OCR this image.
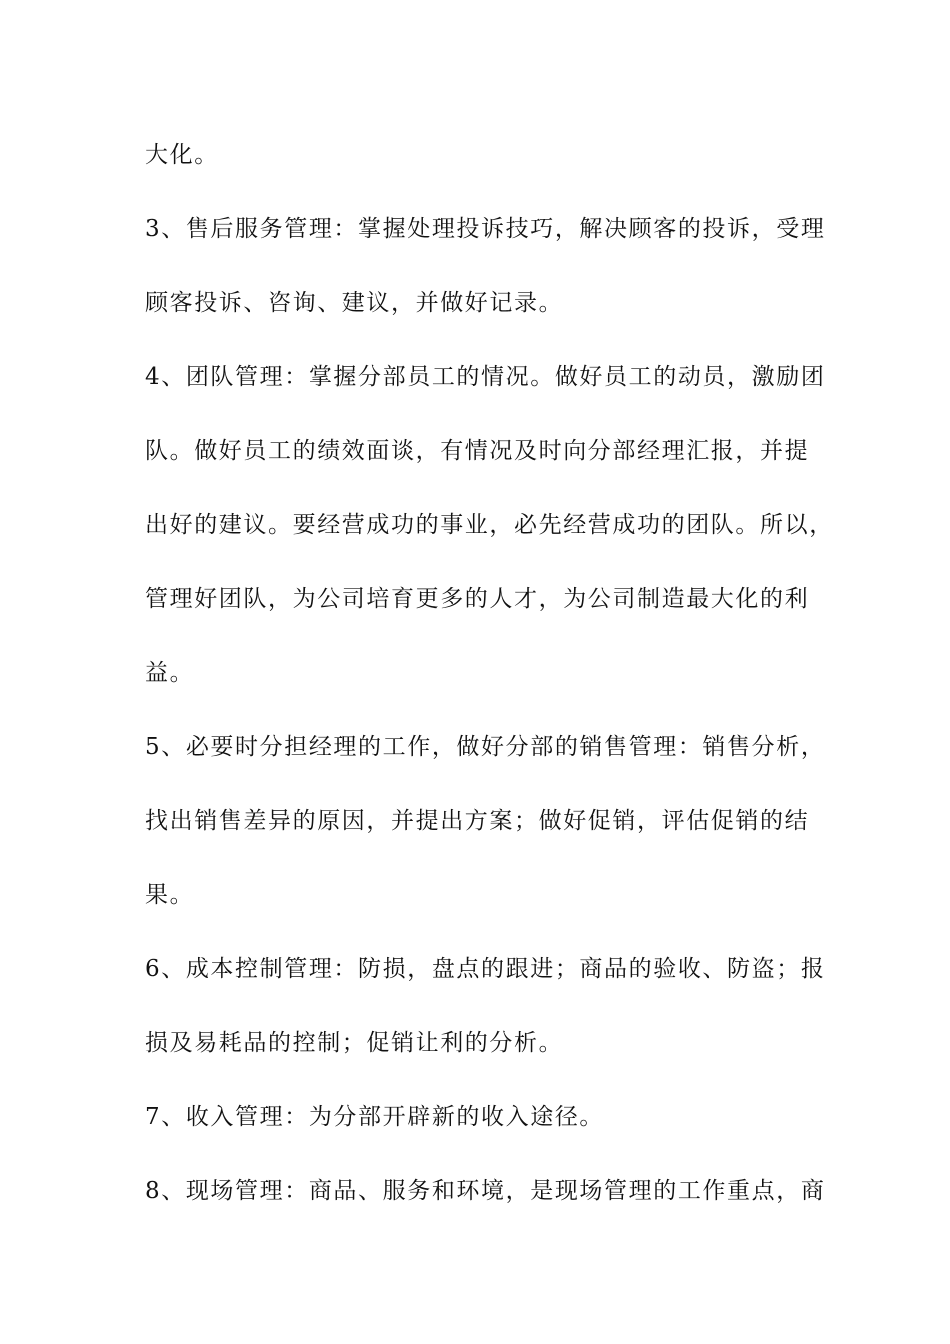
大化。
3、售后服务管理：掌握处理投诉技巧，解决顾客的投诉，受理
顾客投诉、咨询、建议，并做好记录。
4、团队管理：掌握分部员工的情况。做好员工的动员，激励团
队。做好员工的绩效面谈，有情况及时向分部经理汇报，并提
出好的建议。要经营成功的事业，必先经营成功的团队。所以，
管理好团队，为公司培育更多的人才，为公司制造最大化的利
益。
5、必要时分担经理的工作，做好分部的销售管理：销售分析，
找出销售差异的原因，并提出方案；做好促销，评估促销的结
果。
6、成本控制管理：防损，盘点的跟进；商品的验收、防盗；报
损及易耗品的控制；促销让利的分析。
7、收入管理：为分部开辟新的收入途径。
8、现场管理：商品、服务和环境，是现场管理的工作重点，商
